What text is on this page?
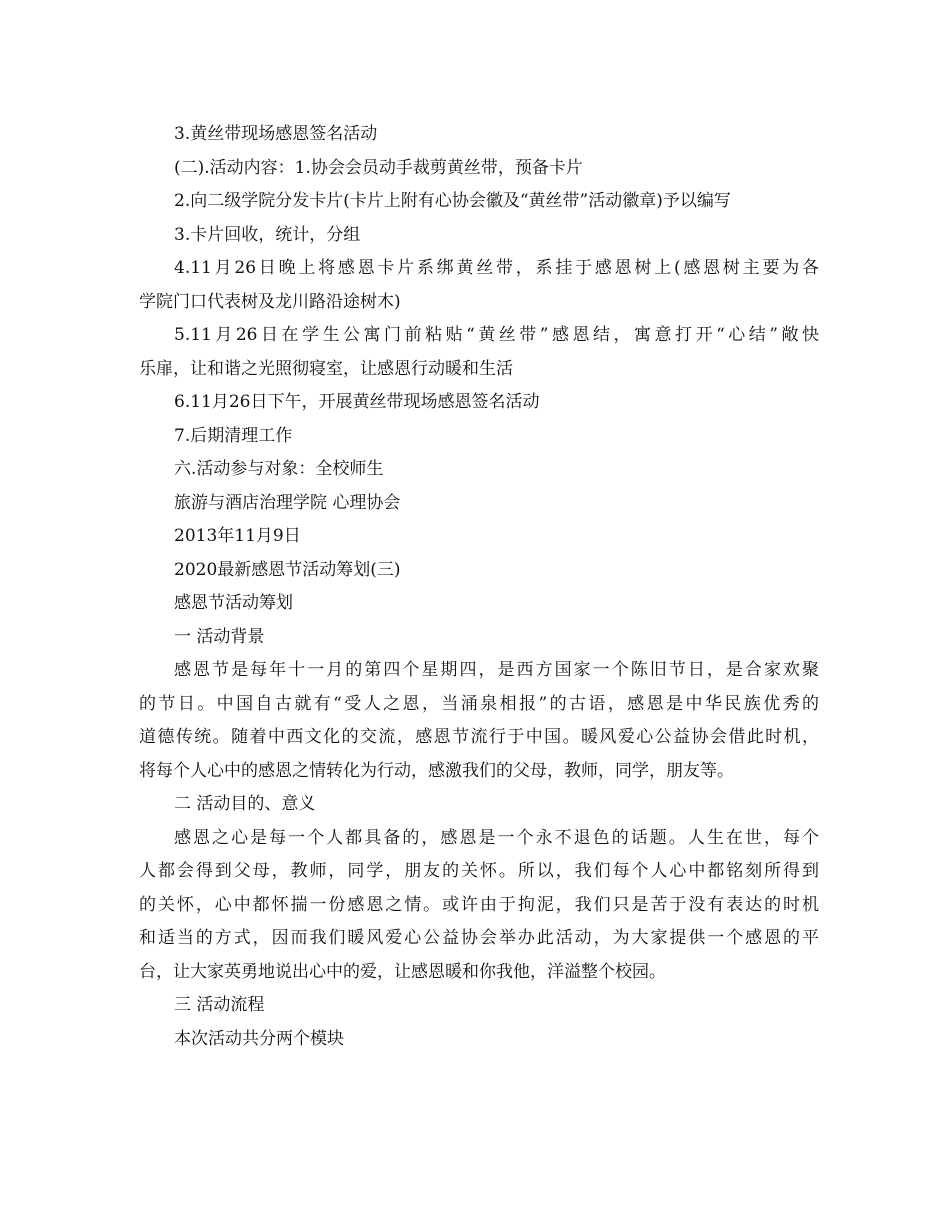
3.黄丝带现场感恩签名活动
(二).活动内容：1.协会会员动手裁剪黄丝带，预备卡片
2.向二级学院分发卡片(卡片上附有心协会徽及“黄丝带”活动徽章)予以编写
3.卡片回收，统计，分组
4.11月26日晚上将感恩卡片系绑黄丝带，系挂于感恩树上(感恩树主要为各
学院门口代表树及龙川路沿途树木)
5.11月26日在学生公寓门前粘贴“黄丝带”感恩结，寓意打开“心结”敞快
乐扉，让和谐之光照彻寝室，让感恩行动暖和生活
6.11月26日下午，开展黄丝带现场感恩签名活动
7.后期清理工作
六.活动参与对象：全校师生
旅游与酒店治理学院 心理协会
2013年11月9日
2020最新感恩节活动筹划(三)
感恩节活动筹划
一 活动背景
感恩节是每年十一月的第四个星期四，是西方国家一个陈旧节日，是合家欢聚
的节日。中国自古就有“受人之恩，当涌泉相报”的古语，感恩是中华民族优秀的
道德传统。随着中西文化的交流，感恩节流行于中国。暖风爱心公益协会借此时机，
将每个人心中的感恩之情转化为行动，感激我们的父母，教师，同学，朋友等。
二 活动目的、意义
感恩之心是每一个人都具备的，感恩是一个永不退色的话题。人生在世，每个
人都会得到父母，教师，同学，朋友的关怀。所以，我们每个人心中都铭刻所得到
的关怀，心中都怀揣一份感恩之情。或许由于拘泥，我们只是苦于没有表达的时机
和适当的方式，因而我们暖风爱心公益协会举办此活动，为大家提供一个感恩的平
台，让大家英勇地说出心中的爱，让感恩暖和你我他，洋溢整个校园。
三 活动流程
本次活动共分两个模块
